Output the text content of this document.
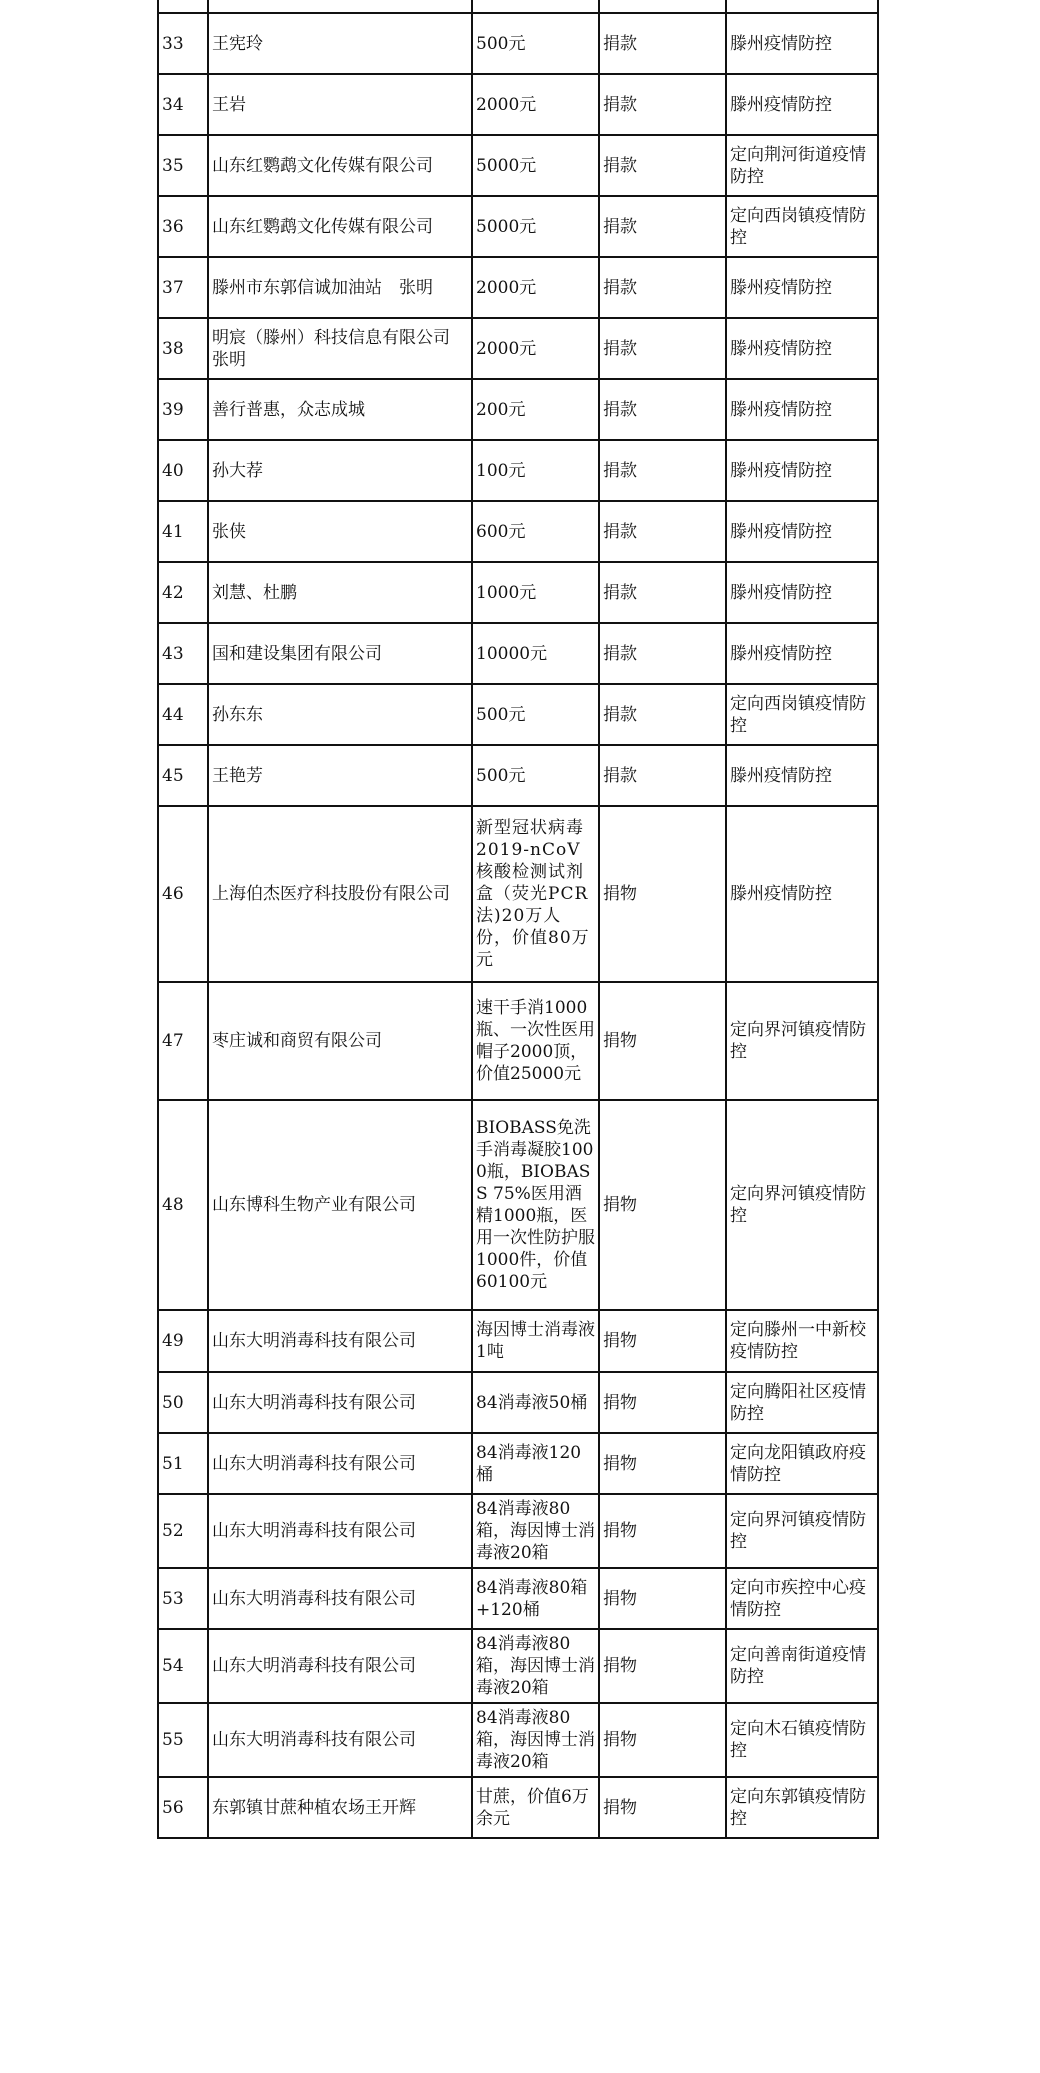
33	王宪玲	500元	捐款	滕州疫情防控
34	王岩	2000元	捐款	滕州疫情防控
35	山东红鹦鹉文化传媒有限公司	5000元	捐款	定向荆河街道疫情防控
36	山东红鹦鹉文化传媒有限公司	5000元	捐款	定向西岗镇疫情防控
37	滕州市东郭信诚加油站　张明	2000元	捐款	滕州疫情防控
38	明宸（滕州）科技信息有限公司　张明	2000元	捐款	滕州疫情防控
39	善行普惠，众志成城	200元	捐款	滕州疫情防控
40	孙大荐	100元	捐款	滕州疫情防控
41	张侠	600元	捐款	滕州疫情防控
42	刘慧、杜鹏	1000元	捐款	滕州疫情防控
43	国和建设集团有限公司	10000元	捐款	滕州疫情防控
44	孙东东	500元	捐款	定向西岗镇疫情防控
45	王艳芳	500元	捐款	滕州疫情防控
46	上海伯杰医疗科技股份有限公司	新型冠状病毒2019-nCoV核酸检测试剂盒（荧光PCR法)20万人份，价值80万元	捐物	滕州疫情防控
47	枣庄诚和商贸有限公司	速干手消1000瓶、一次性医用帽子2000顶，价值25000元	捐物	定向界河镇疫情防控
48	山东博科生物产业有限公司	BIOBASS免洗手消毒凝胶1000瓶，BIOBASS 75%医用酒精1000瓶，医用一次性防护服1000件，价值60100元	捐物	定向界河镇疫情防控
49	山东大明消毒科技有限公司	海因博士消毒液1吨	捐物	定向滕州一中新校疫情防控
50	山东大明消毒科技有限公司	84消毒液50桶	捐物	定向腾阳社区疫情防控
51	山东大明消毒科技有限公司	84消毒液120桶	捐物	定向龙阳镇政府疫情防控
52	山东大明消毒科技有限公司	84消毒液80箱，海因博士消毒液20箱	捐物	定向界河镇疫情防控
53	山东大明消毒科技有限公司	84消毒液80箱+120桶	捐物	定向市疾控中心疫情防控
54	山东大明消毒科技有限公司	84消毒液80箱，海因博士消毒液20箱	捐物	定向善南街道疫情防控
55	山东大明消毒科技有限公司	84消毒液80箱，海因博士消毒液20箱	捐物	定向木石镇疫情防控
56	东郭镇甘蔗种植农场王开辉	甘蔗，价值6万余元	捐物	定向东郭镇疫情防控
